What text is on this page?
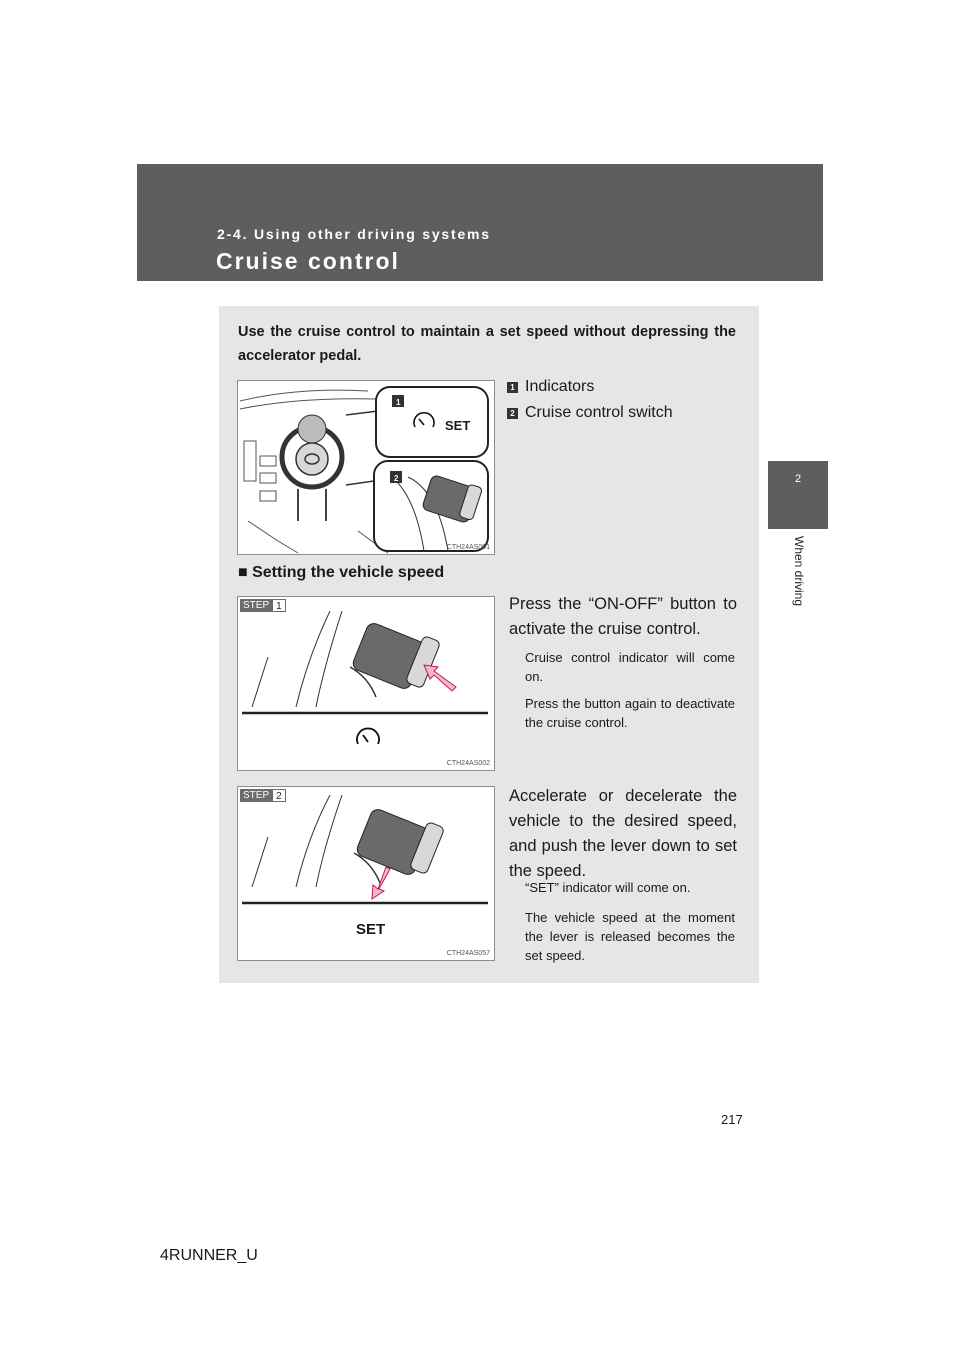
2-4. Using other driving systems
Cruise control
2
When driving
Use the cruise control to maintain a set speed without depressing the accelerator pedal.
1
2
SET
CTH24AS001
1 Indicators
2 Cruise control switch
■ Setting the vehicle speed
STEP 1
CTH24AS002
Press the “ON-OFF” button to activate the cruise control.
Cruise control indicator will come on.
Press the button again to deactivate the cruise control.
STEP 2
SET
CTH24AS057
Accelerate or decelerate the vehicle to the desired speed, and push the lever down to set the speed.
“SET” indicator will come on.
The vehicle speed at the moment the lever is released becomes the set speed.
217
4RUNNER_U
